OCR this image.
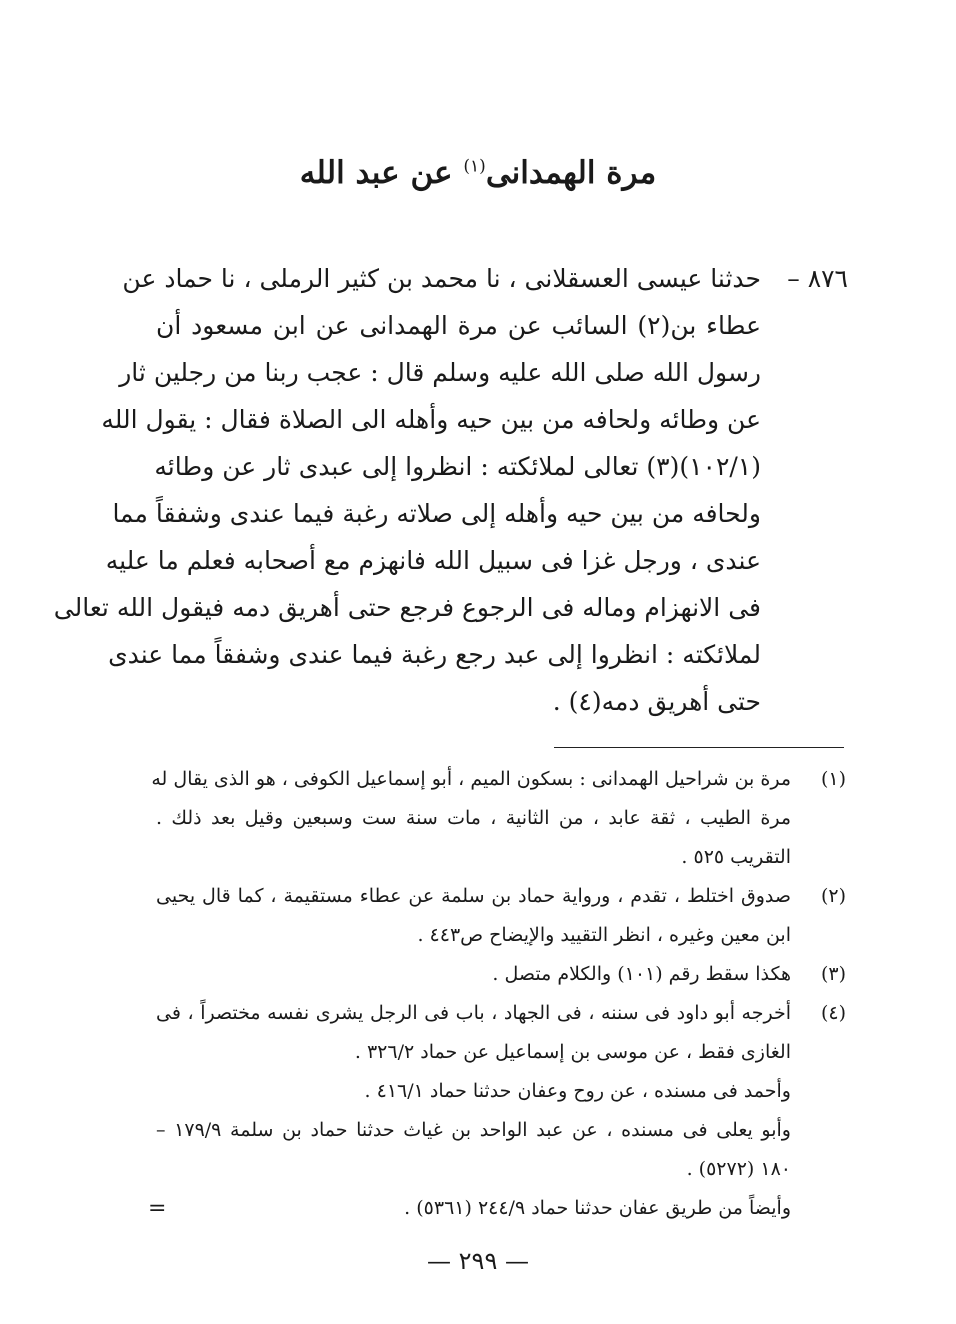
مرة الهمدانى$^{(١)}$ عن عبد الله
٨٧٦ –
حدثنا عيسى العسقلانى ، نا محمد بن كثير الرملى ، نا حماد عن
عطاء بن(٢) السائب عن مرة الهمدانى عن ابن مسعود أن
رسول الله صلى الله عليه وسلم قال : عجب ربنا من رجلين ثار
عن وطائه ولحافه من بين حيه وأهله الى الصلاة فقال : يقول الله
(١٠٢/١)(٣) تعالى لملائكته : انظروا إلى عبدى ثار عن وطائه
ولحافه من بين حيه وأهله إلى صلاته رغبة فيما عندى وشفقاً مما
عندى ، ورجل غزا فى سبيل الله فانهزم مع أصحابه فعلم ما عليه
فى الانهزام وماله فى الرجوع فرجع حتى أهريق دمه فيقول الله تعالى
لملائكته : انظروا إلى عبد رجع رغبة فيما عندى وشفقاً مما عندى
حتى أهريق دمه(٤) .
(١)
مرة بن شراحيل الهمدانى : بسكون الميم ، أبو إسماعيل الكوفى ، هو الذى يقال له
مرة الطيب ، ثقة عابد ، من الثانية ، مات سنة ست وسبعين وقيل بعد ذلك .
التقريب ٥٢٥ .
(٢)
صدوق اختلط ، تقدم ، ورواية حماد بن سلمة عن عطاء مستقيمة ، كما قال يحيى
ابن معين وغيره ، انظر التقييد والإيضاح ص٤٤٣ .
(٣)
هكذا سقط رقم (١٠١) والكلام متصل .
(٤)
أخرجه أبو داود فى سننه ، فى الجهاد ، باب فى الرجل يشرى نفسه مختصراً ، فى
الغازى فقط ، عن موسى بن إسماعيل عن حماد ٣٢٦/٢ .
وأحمد فى مسنده ، عن روح وعفان حدثنا حماد ٤١٦/١ .
وأبو يعلى فى مسنده ، عن عبد الواحد بن غياث حدثنا حماد بن سلمة ١٧٩/٩ –
١٨٠ (٥٢٧٢) .
وأيضاً من طريق عفان حدثنا حماد ٢٤٤/٩ (٥٣٦١) .
=
— ٢٩٩ —
